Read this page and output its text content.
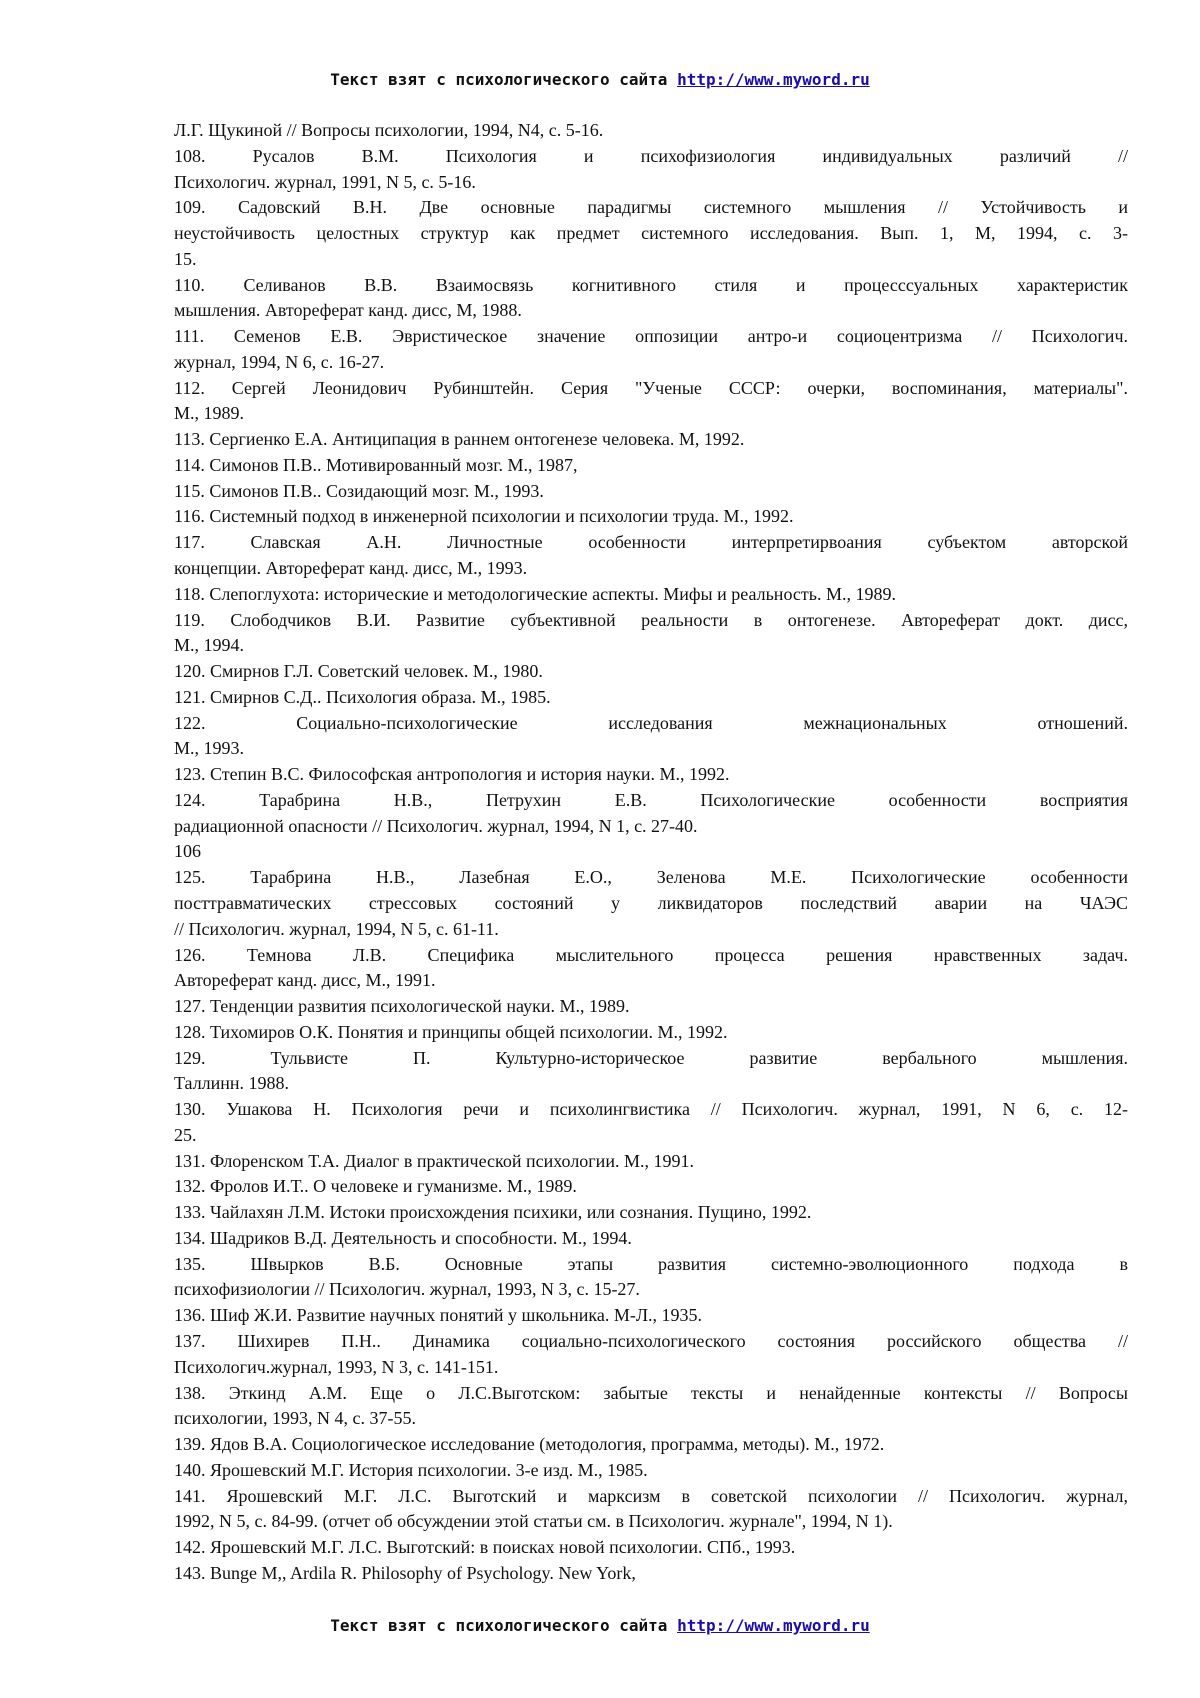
Текст взят с психологического сайта http://www.myword.ru
Л.Г. Щукиной // Вопросы психологии, 1994, N4, с. 5-16.
108. Русалов В.М. Психология и психофизиология индивидуальных различий //
Психологич. журнал, 1991, N 5, с. 5-16.
109. Садовский В.Н. Две основные парадигмы системного мышления // Устойчивость и
неустойчивость целостных структур как предмет системного исследования. Вып. 1, М, 1994, с. 3-
15.
110. Селиванов В.В. Взаимосвязь когнитивного стиля и процесссуальных характеристик
мышления. Автореферат канд. дисс, М, 1988.
111. Семенов Е.В. Эвристическое значение оппозиции антро-и социоцентризма // Психологич.
журнал, 1994, N 6, с. 16-27.
112. Сергей Леонидович Рубинштейн. Серия "Ученые СССР: очерки, воспоминания, материалы".
М., 1989.
113. Сергиенко Е.А. Антиципация в раннем онтогенезе человека. М, 1992.
114. Симонов П.В.. Мотивированный мозг. М., 1987,
115. Симонов П.В.. Созидающий мозг. М., 1993.
116. Системный подход в инженерной психологии и психологии труда. М., 1992.
117. Славская А.Н. Личностные особенности интерпретирвоания субъектом авторской
концепции. Автореферат канд. дисс, М., 1993.
118. Слепоглухота: исторические и методологические аспекты. Мифы и реальность. М., 1989.
119. Слободчиков В.И. Развитие субъективной реальности в онтогенезе. Автореферат докт. дисс,
М., 1994.
120. Смирнов Г.Л. Советский человек. М., 1980.
121. Смирнов С.Д.. Психология образа. М., 1985.
122. Социально-психологические исследования межнациональных отношений.
М., 1993.
123. Степин В.С. Философская антропология и история науки. М., 1992.
124. Тарабрина Н.В., Петрухин Е.В. Психологические особенности восприятия
радиационной опасности // Психологич. журнал, 1994, N 1, с. 27-40.
106
125. Тарабрина Н.В., Лазебная Е.О., Зеленова М.Е. Психологические особенности
посттравматических стрессовых состояний у ликвидаторов последствий аварии на ЧАЭС
// Психологич. журнал, 1994, N 5, с. 61-11.
126. Темнова Л.В. Специфика мыслительного процесса решения нравственных задач.
Автореферат канд. дисс, М., 1991.
127. Тенденции развития психологической науки. М., 1989.
128. Тихомиров О.К. Понятия и принципы общей психологии. М., 1992.
129. Тульвисте П. Культурно-историческое развитие вербального мышления.
Таллинн. 1988.
130. Ушакова Н. Психология речи и психолингвистика // Психологич. журнал, 1991, N 6, с. 12-
25.
131. Флоренском Т.А. Диалог в практической психологии. М., 1991.
132. Фролов И.Т.. О человеке и гуманизме. М., 1989.
133. Чайлахян Л.М. Истоки происхождения психики, или сознания. Пущино, 1992.
134. Шадриков В.Д. Деятельность и способности. М., 1994.
135. Швырков В.Б. Основные этапы развития системно-эволюционного подхода в
психофизиологии // Психологич. журнал, 1993, N 3, с. 15-27.
136. Шиф Ж.И. Развитие научных понятий у школьника. М-Л., 1935.
137. Шихирев П.Н.. Динамика социально-психологического состояния российского общества //
Психологич.журнал, 1993, N 3, с. 141-151.
138. Эткинд А.М. Еще о Л.С.Выготском: забытые тексты и ненайденные контексты // Вопросы
психологии, 1993, N 4, с. 37-55.
139. Ядов В.А. Социологическое исследование (методология, программа, методы). М., 1972.
140. Ярошевский М.Г. История психологии. 3-е изд. М., 1985.
141. Ярошевский М.Г. Л.С. Выготский и марксизм в советской психологии // Психологич. журнал,
1992, N 5, с. 84-99. (отчет об обсуждении этой статьи см. в Психологич. журнале", 1994, N 1).
142. Ярошевский М.Г. Л.С. Выготский: в поисках новой психологии. СПб., 1993.
143. Bunge M,, Ardila R. Philosophy of Psychology. New York,
Текст взят с психологического сайта http://www.myword.ru
